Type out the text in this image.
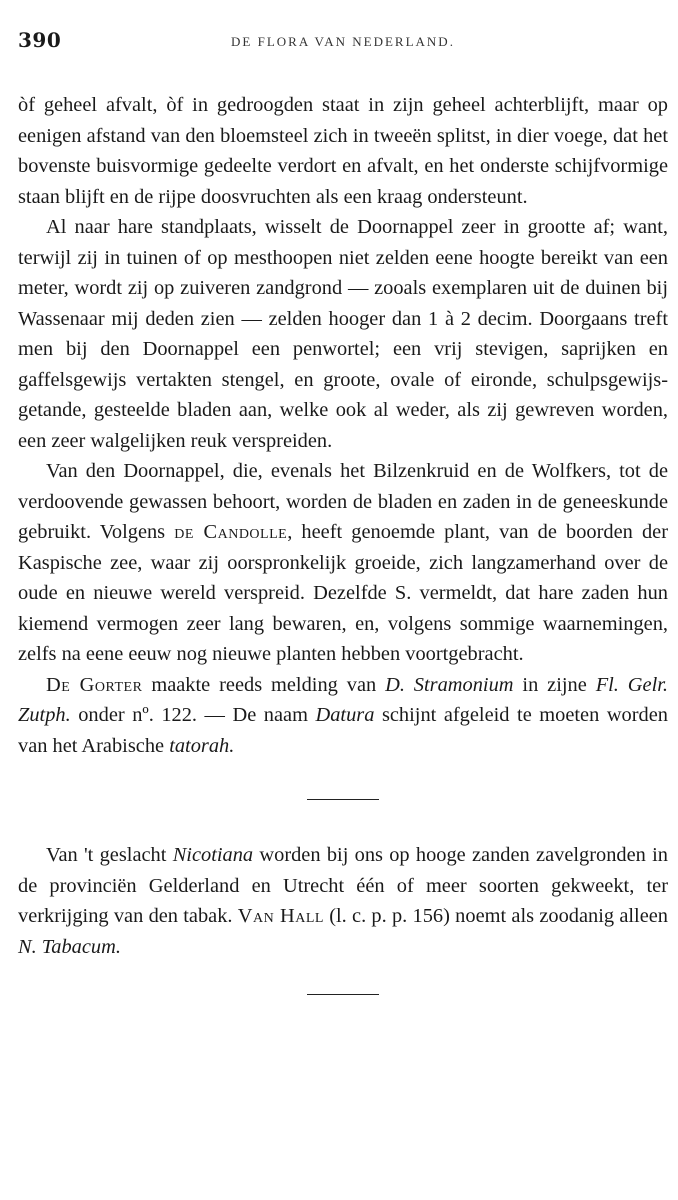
390	DE FLORA VAN NEDERLAND.

òf geheel afvalt, òf in gedroogden staat in zijn geheel achterblijft, maar op eenigen afstand van den bloemsteel zich in tweeën splitst, in dier voege, dat het bovenste buisvormige gedeelte verdort en afvalt, en het onderste schijfvormige staan blijft en de rijpe doosvruchten als een kraag ondersteunt.

Al naar hare standplaats, wisselt de Doornappel zeer in grootte af; want, terwijl zij in tuinen of op mesthoopen niet zelden eene hoogte bereikt van een meter, wordt zij op zuiveren zandgrond — zooals exemplaren uit de duinen bij Wassenaar mij deden zien — zelden hooger dan 1 à 2 decim. Doorgaans treft men bij den Doornappel een penwortel; een vrij stevigen, saprijken en gaffelsgewijs vertakten stengel, en groote, ovale of eironde, schulpsgewijs-getande, gesteelde bladen aan, welke ook al weder, als zij gewreven worden, een zeer walgelijken reuk verspreiden.

Van den Doornappel, die, evenals het Bilzenkruid en de Wolfkers, tot de verdoovende gewassen behoort, worden de bladen en zaden in de geneeskunde gebruikt. Volgens de Candolle, heeft genoemde plant, van de boorden der Kaspische zee, waar zij oorspronkelijk groeide, zich langzamerhand over de oude en nieuwe wereld verspreid. Dezelfde S. vermeldt, dat hare zaden hun kiemend vermogen zeer lang bewaren, en, volgens sommige waarnemingen, zelfs na eene eeuw nog nieuwe planten hebben voortgebracht.

De Gorter maakte reeds melding van D. Stramonium in zijne Fl. Gelr. Zutph. onder nº. 122. — De naam Datura schijnt afgeleid te moeten worden van het Arabische tatorah.

Van 't geslacht Nicotiana worden bij ons op hooge zanden zavelgronden in de provinciën Gelderland en Utrecht één of meer soorten gekweekt, ter verkrijging van den tabak. Van Hall (l. c. p. p. 156) noemt als zoodanig alleen N. Tabacum.
